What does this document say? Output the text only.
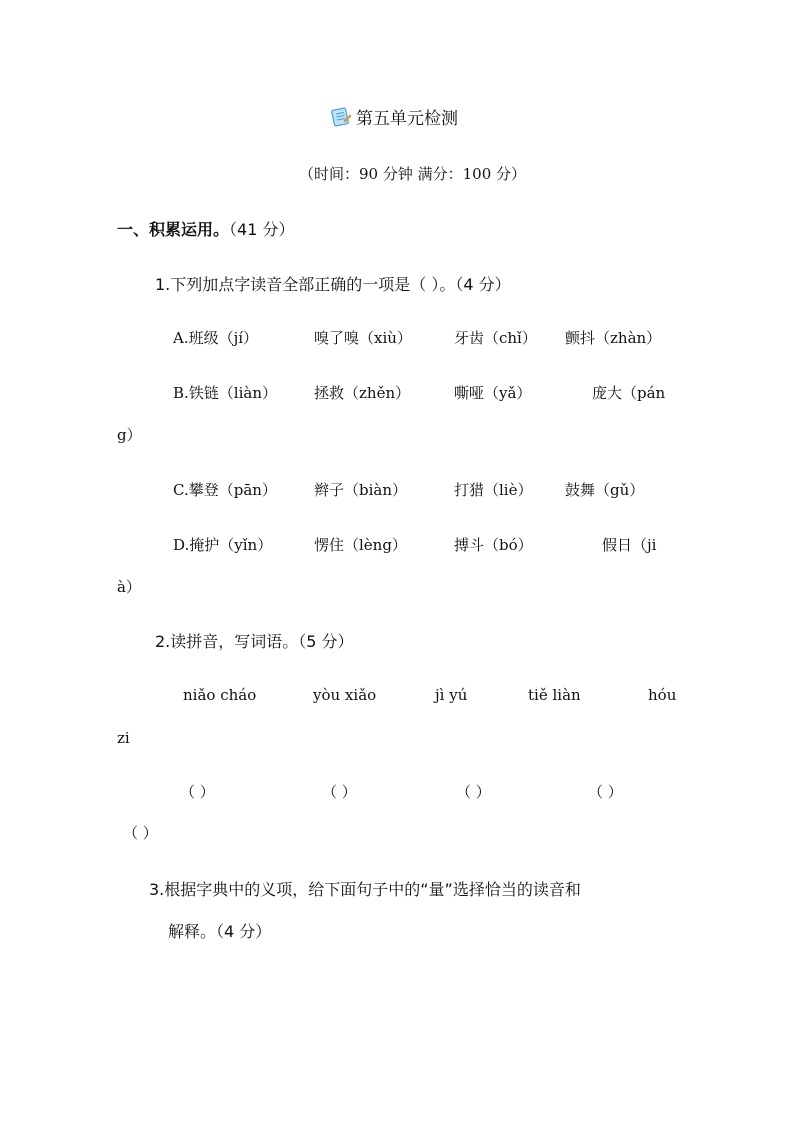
第五单元检测
（时间：90 分钟 满分：100 分）
一、积累运用。（41 分）
1.下列加点字读音全部正确的一项是（ ）。（4 分）
A.班级（jí）	嗅了嗅（xiù）	牙齿（chǐ） 颤抖（zhàn）
B.铁链（liàn） 拯救（zhěn）	嘶哑（yǎ）	庞大（pán
g）
C.攀登（pān） 辫子（biàn）	打猎（liè） 鼓舞（gǔ）
D.掩护（yǐn）	愣住（lèng）	搏斗（bó）	假日（ji
à）
2.读拼音，写词语。（5 分）
niǎo cháo	yòu xiǎo	jì yú	tiě liàn	hóu
zi
（ ）	（ ）	（ ）	（ ）
（ ）
3.根据字典中的义项，给下面句子中的“量”选择恰当的读音和
解释。（4 分）
